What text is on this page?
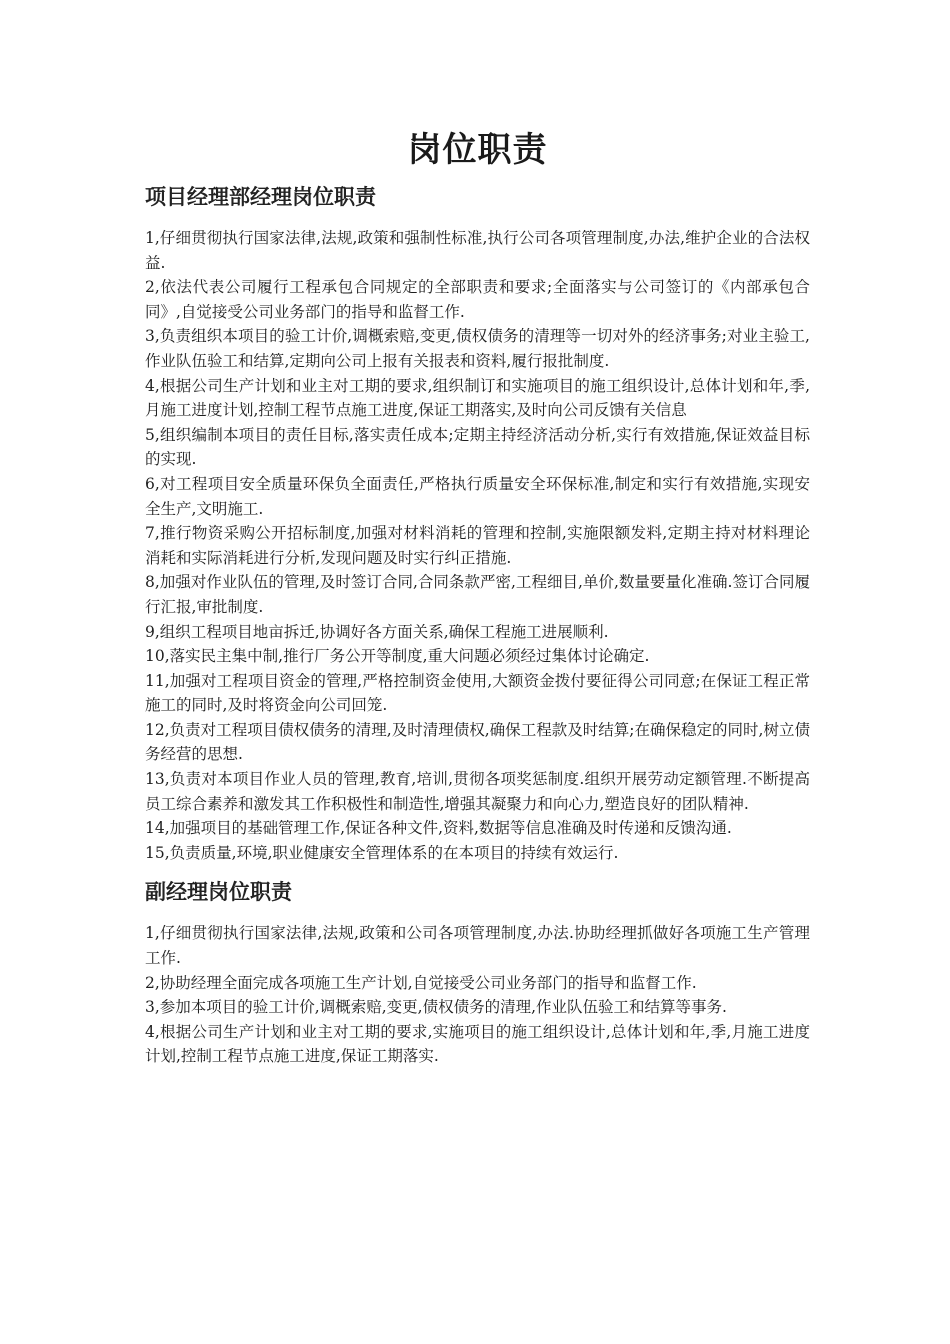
岗位职责
项目经理部经理岗位职责

1,仔细贯彻执行国家法律,法规,政策和强制性标准,执行公司各项管理制度,办法,维护企业的合法权益.

2,依法代表公司履行工程承包合同规定的全部职责和要求;全面落实与公司签订的《内部承包合同》,自觉接受公司业务部门的指导和监督工作.

3,负责组织本项目的验工计价,调概索赔,变更,债权债务的清理等一切对外的经济事务;对业主验工,作业队伍验工和结算,定期向公司上报有关报表和资料,履行报批制度.

4,根据公司生产计划和业主对工期的要求,组织制订和实施项目的施工组织设计,总体计划和年,季,月施工进度计划,控制工程节点施工进度,保证工期落实,及时向公司反馈有关信息

5,组织编制本项目的责任目标,落实责任成本;定期主持经济活动分析,实行有效措施,保证效益目标的实现.

6,对工程项目安全质量环保负全面责任,严格执行质量安全环保标准,制定和实行有效措施,实现安全生产,文明施工.

7,推行物资采购公开招标制度,加强对材料消耗的管理和控制,实施限额发料,定期主持对材料理论消耗和实际消耗进行分析,发现问题及时实行纠正措施.

8,加强对作业队伍的管理,及时签订合同,合同条款严密,工程细目,单价,数量要量化准确.签订合同履行汇报,审批制度.

9,组织工程项目地亩拆迁,协调好各方面关系,确保工程施工进展顺利.

10,落实民主集中制,推行厂务公开等制度,重大问题必须经过集体讨论确定.

11,加强对工程项目资金的管理,严格控制资金使用,大额资金拨付要征得公司同意;在保证工程正常施工的同时,及时将资金向公司回笼.

12,负责对工程项目债权债务的清理,及时清理债权,确保工程款及时结算;在确保稳定的同时,树立债务经营的思想.

13,负责对本项目作业人员的管理,教育,培训,贯彻各项奖惩制度.组织开展劳动定额管理.不断提高员工综合素养和激发其工作积极性和制造性,增强其凝聚力和向心力,塑造良好的团队精神.

14,加强项目的基础管理工作,保证各种文件,资料,数据等信息准确及时传递和反馈沟通.

15,负责质量,环境,职业健康安全管理体系的在本项目的持续有效运行.

副经理岗位职责

1,仔细贯彻执行国家法律,法规,政策和公司各项管理制度,办法.协助经理抓做好各项施工生产管理工作.

2,协助经理全面完成各项施工生产计划,自觉接受公司业务部门的指导和监督工作.

3,参加本项目的验工计价,调概索赔,变更,债权债务的清理,作业队伍验工和结算等事务.

4,根据公司生产计划和业主对工期的要求,实施项目的施工组织设计,总体计划和年,季,月施工进度计划,控制工程节点施工进度,保证工期落实.
